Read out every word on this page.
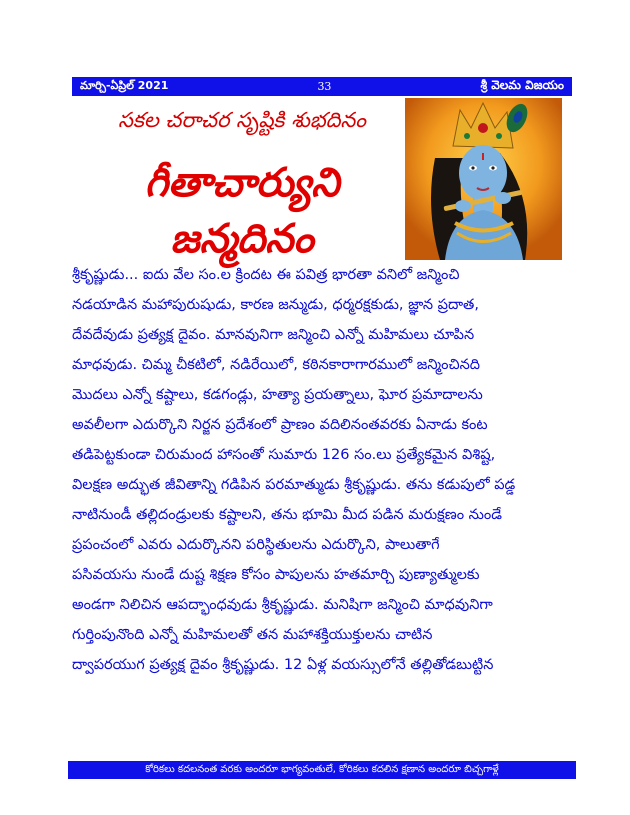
మార్చి-ఏప్రిల్ 2021	33	శ్రీ వెలమ విజయం
సకల చరాచర సృష్టికి శుభదినం
గీతాచార్యుని జన్మదినం
శ్రీకృష్ణుడు... ఐదు వేల సం.ల క్రిందట ఈ పవిత్ర భారతా వనిలో జన్మించి
నడయాడిన మహాపురుషుడు, కారణ జన్ముడు, ధర్మరక్షకుడు, జ్ఞాన ప్రదాత,
దేవదేవుడు ప్రత్యక్ష దైవం. మానవునిగా జన్మించి ఎన్నో మహిమలు చూపిన
మాధవుడు. చిమ్మ చీకటిలో, నడిరేయిలో, కఠినకారాగారములో జన్మించినది
మొదలు ఎన్నో కష్టాలు, కడగండ్లు, హత్యా ప్రయత్నాలు, ఘోర ప్రమాదాలను
అవలీలగా ఎదుర్కొని నిర్జన ప్రదేశంలో ప్రాణం వదిలినంతవరకు ఏనాడు కంట
తడిపెట్టకుండా చిరుమంద హాసంతో సుమారు 126 సం.లు ప్రత్యేకమైన విశిష్ట,
విలక్షణ అద్భుత జీవితాన్ని గడిపిన పరమాత్ముడు శ్రీకృష్ణుడు. తను కడుపులో పడ్డ
నాటినుండీ తల్లిదండ్రులకు కష్టాలని, తను భూమి మీద పడిన మరుక్షణం నుండే
ప్రపంచంలో ఎవరు ఎదుర్కొనని పరిస్థితులను ఎదుర్కొని, పాలుతాగే
పసివయసు నుండే దుష్ట శిక్షణ కోసం పాపులను హతమార్చి పుణ్యాత్ములకు
అండగా నిలిచిన ఆపద్భాంధవుడు శ్రీకృష్ణుడు. మనిషిగా జన్మించి మాధవునిగా
గుర్తింపునొంది ఎన్నో మహిమలతో తన మహాశక్తియుక్తులను చాటిన
ద్వాపరయుగ ప్రత్యక్ష దైవం శ్రీకృష్ణుడు. 12 ఏళ్ల వయస్సులోనే తల్లితోడబుట్టిన
కోరికలు కదలనంత వరకు అందరూ భాగ్యవంతులే, కోరికలు కదలిన క్షణాన అందరూ బిచ్చగాళ్లే
